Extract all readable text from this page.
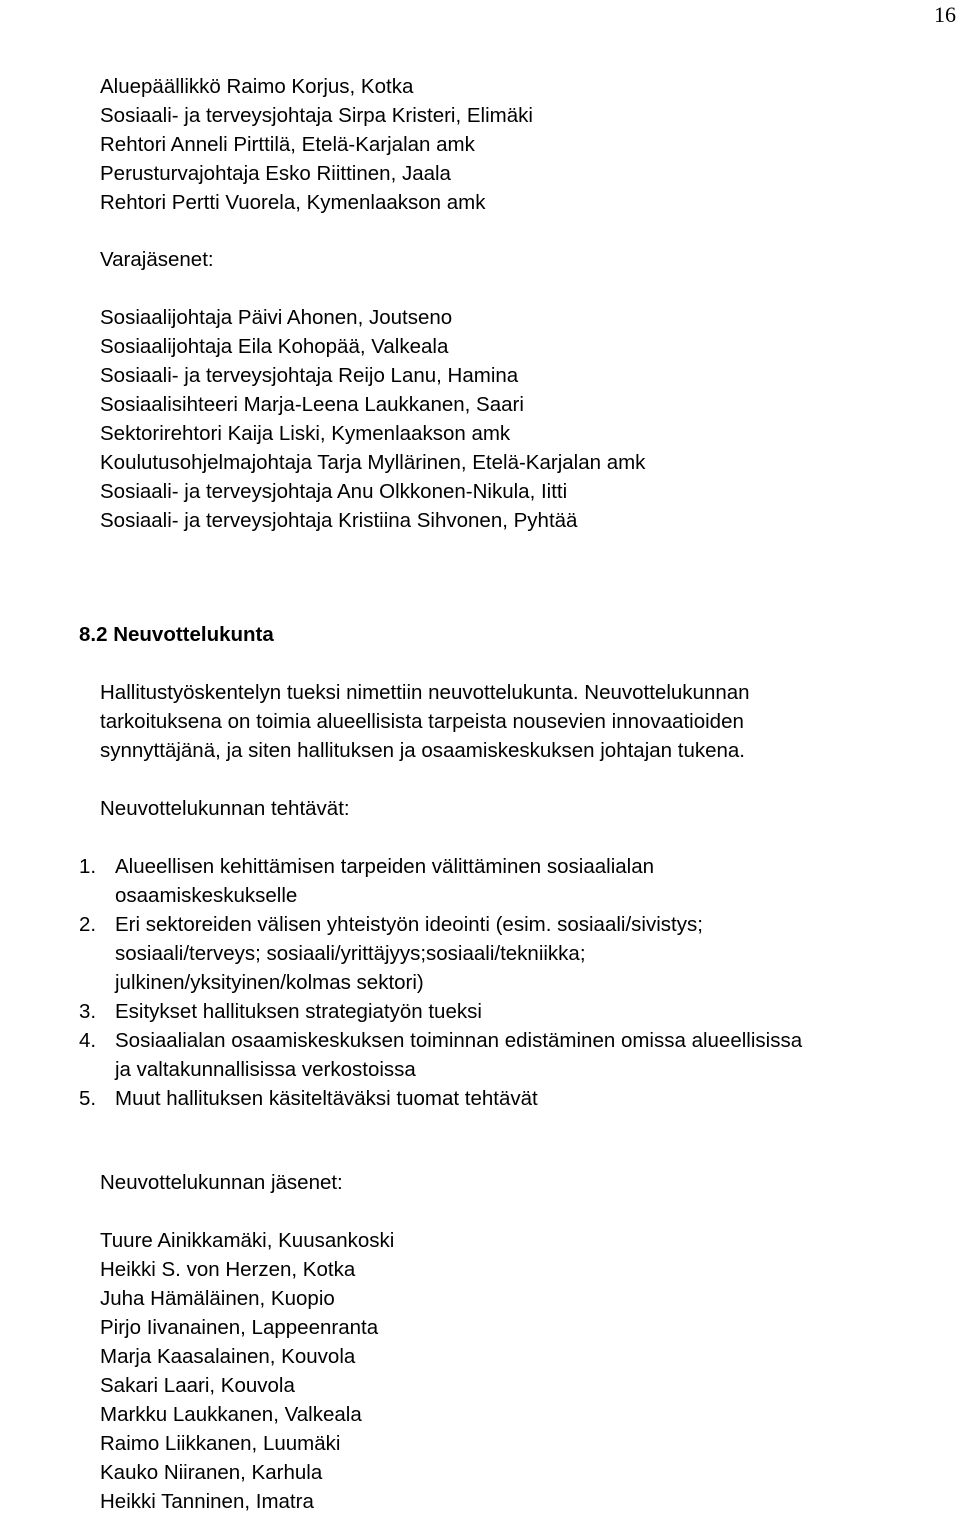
16
Aluepäällikkö Raimo Korjus, Kotka
Sosiaali- ja terveysjohtaja Sirpa Kristeri, Elimäki
Rehtori Anneli Pirttilä, Etelä-Karjalan amk
Perusturvajohtaja Esko Riittinen, Jaala
Rehtori Pertti Vuorela, Kymenlaakson amk
Varajäsenet:
Sosiaalijohtaja Päivi Ahonen, Joutseno
Sosiaalijohtaja Eila Kohopää, Valkeala
Sosiaali- ja terveysjohtaja Reijo Lanu, Hamina
Sosiaalisihteeri Marja-Leena Laukkanen, Saari
Sektorirehtori Kaija Liski, Kymenlaakson amk
Koulutusohjelmajohtaja Tarja Myllärinen, Etelä-Karjalan amk
Sosiaali- ja terveysjohtaja Anu Olkkonen-Nikula, Iitti
Sosiaali- ja terveysjohtaja Kristiina Sihvonen, Pyhtää
8.2 Neuvottelukunta
Hallitustyöskentelyn tueksi nimettiin neuvottelukunta. Neuvottelukunnan
tarkoituksena on toimia alueellisista tarpeista nousevien innovaatioiden
synnyttäjänä, ja siten hallituksen ja osaamiskeskuksen johtajan tukena.
Neuvottelukunnan tehtävät:
1. Alueellisen kehittämisen tarpeiden välittäminen sosiaalialan
osaamiskeskukselle
2. Eri sektoreiden välisen yhteistyön ideointi (esim. sosiaali/sivistys;
sosiaali/terveys; sosiaali/yrittäjyys;sosiaali/tekniikka;
julkinen/yksityinen/kolmas sektori)
3. Esitykset hallituksen strategiatyön tueksi
4. Sosiaalialan osaamiskeskuksen toiminnan edistäminen omissa alueellisissa
ja valtakunnallisissa verkostoissa
5. Muut hallituksen käsiteltäväksi tuomat tehtävät
Neuvottelukunnan jäsenet:
Tuure Ainikkamäki, Kuusankoski
Heikki S. von Herzen, Kotka
Juha Hämäläinen, Kuopio
Pirjo Iivanainen, Lappeenranta
Marja Kaasalainen, Kouvola
Sakari Laari, Kouvola
Markku Laukkanen, Valkeala
Raimo Liikkanen, Luumäki
Kauko Niiranen, Karhula
Heikki Tanninen, Imatra
